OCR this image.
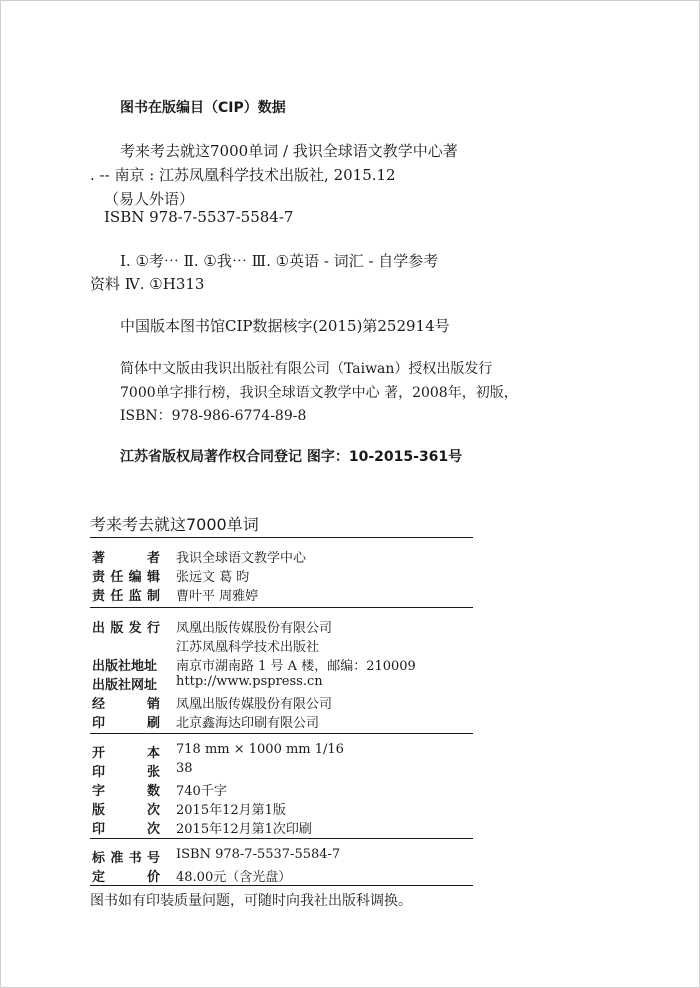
图书在版编目（CIP）数据
考来考去就这7000单词 / 我识全球语文教学中心著
. -- 南京 : 江苏凤凰科学技术出版社, 2015.12
（易人外语）
ISBN 978-7-5537-5584-7
Ⅰ. ①考⋯ Ⅱ. ①我⋯ Ⅲ. ①英语 - 词汇 - 自学参考
资料 Ⅳ. ①H313
中国版本图书馆CIP数据核字(2015)第252914号
简体中文版由我识出版社有限公司（Taiwan）授权出版发行
7000单字排行榜，我识全球语文教学中心 著，2008年，初版，
ISBN：978-986-6774-89-8
江苏省版权局著作权合同登记 图字：10-2015-361号
考来考去就这7000单词
著	者 我识全球语文教学中心
责 任 编 辑 张远文 葛 昀
责 任 监 制 曹叶平 周雅婷
出 版 发 行 凤凰出版传媒股份有限公司
江苏凤凰科学技术出版社
出版社地址 南京市湖南路 1 号 A 楼，邮编：210009
出版社网址 http://www.pspress.cn
经	销 凤凰出版传媒股份有限公司
印	刷 北京鑫海达印刷有限公司
开	本 718 mm × 1000 mm 1/16
印	张 38
字	数 740千字
版	次 2015年12月第1版
印	次 2015年12月第1次印刷
标 准 书 号 ISBN 978-7-5537-5584-7
定	价 48.00元（含光盘）
图书如有印装质量问题，可随时向我社出版科调换。
